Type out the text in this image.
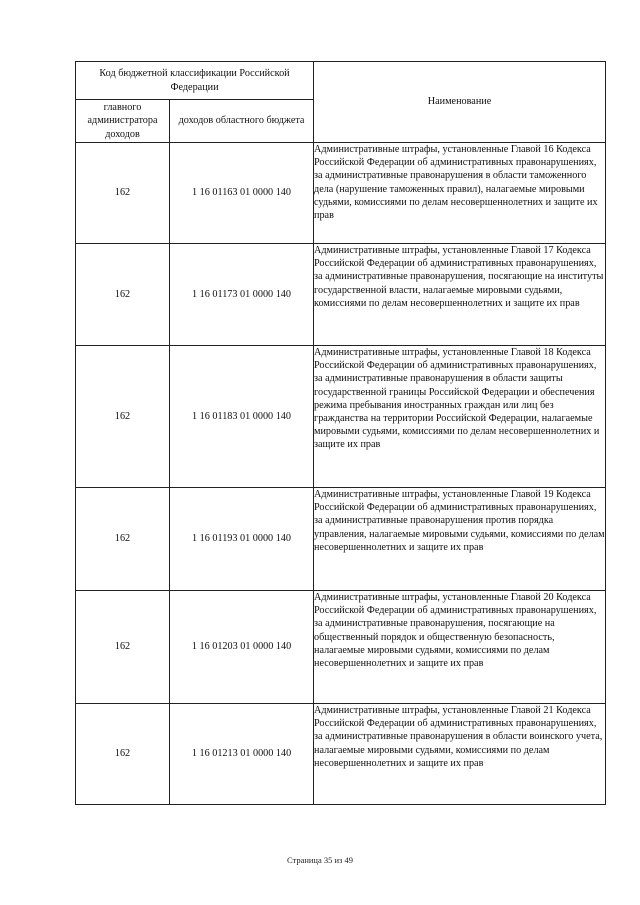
Код бюджетной классификации Российской Федерации		Наименование
главного администратора доходов	доходов областного бюджета	
162	1 16 01163 01 0000 140	Административные штрафы, установленные Главой 16 Кодекса Российской Федерации об административных правонарушениях, за административные правонарушения в области таможенного дела (нарушение таможенных правил), налагаемые мировыми судьями, комиссиями по делам несовершеннолетних и защите их прав
162	1 16 01173 01 0000 140	Административные штрафы, установленные Главой 17 Кодекса Российской Федерации об административных правонарушениях, за административные правонарушения, посягающие на институты государственной власти, налагаемые мировыми судьями, комиссиями по делам несовершеннолетних и защите их прав
162	1 16 01183 01 0000 140	Административные штрафы, установленные Главой 18 Кодекса Российской Федерации об административных правонарушениях, за административные правонарушения в области защиты государственной границы Российской Федерации и обеспечения режима пребывания иностранных граждан или лиц без гражданства на территории Российской Федерации, налагаемые мировыми судьями, комиссиями по делам несовершеннолетних и защите их прав
162	1 16 01193 01 0000 140	Административные штрафы, установленные Главой 19 Кодекса Российской Федерации об административных правонарушениях, за административные правонарушения против порядка управления, налагаемые мировыми судьями, комиссиями по делам несовершеннолетних и защите их прав
162	1 16 01203 01 0000 140	Административные штрафы, установленные Главой 20 Кодекса Российской Федерации об административных правонарушениях, за административные правонарушения, посягающие на общественный порядок и общественную безопасность, налагаемые мировыми судьями, комиссиями по делам несовершеннолетних и защите их прав
162	1 16 01213 01 0000 140	Административные штрафы, установленные Главой 21 Кодекса Российской Федерации об административных правонарушениях, за административные правонарушения в области воинского учета, налагаемые мировыми судьями, комиссиями по делам несовершеннолетних и защите их прав
Страница 35 из 49
